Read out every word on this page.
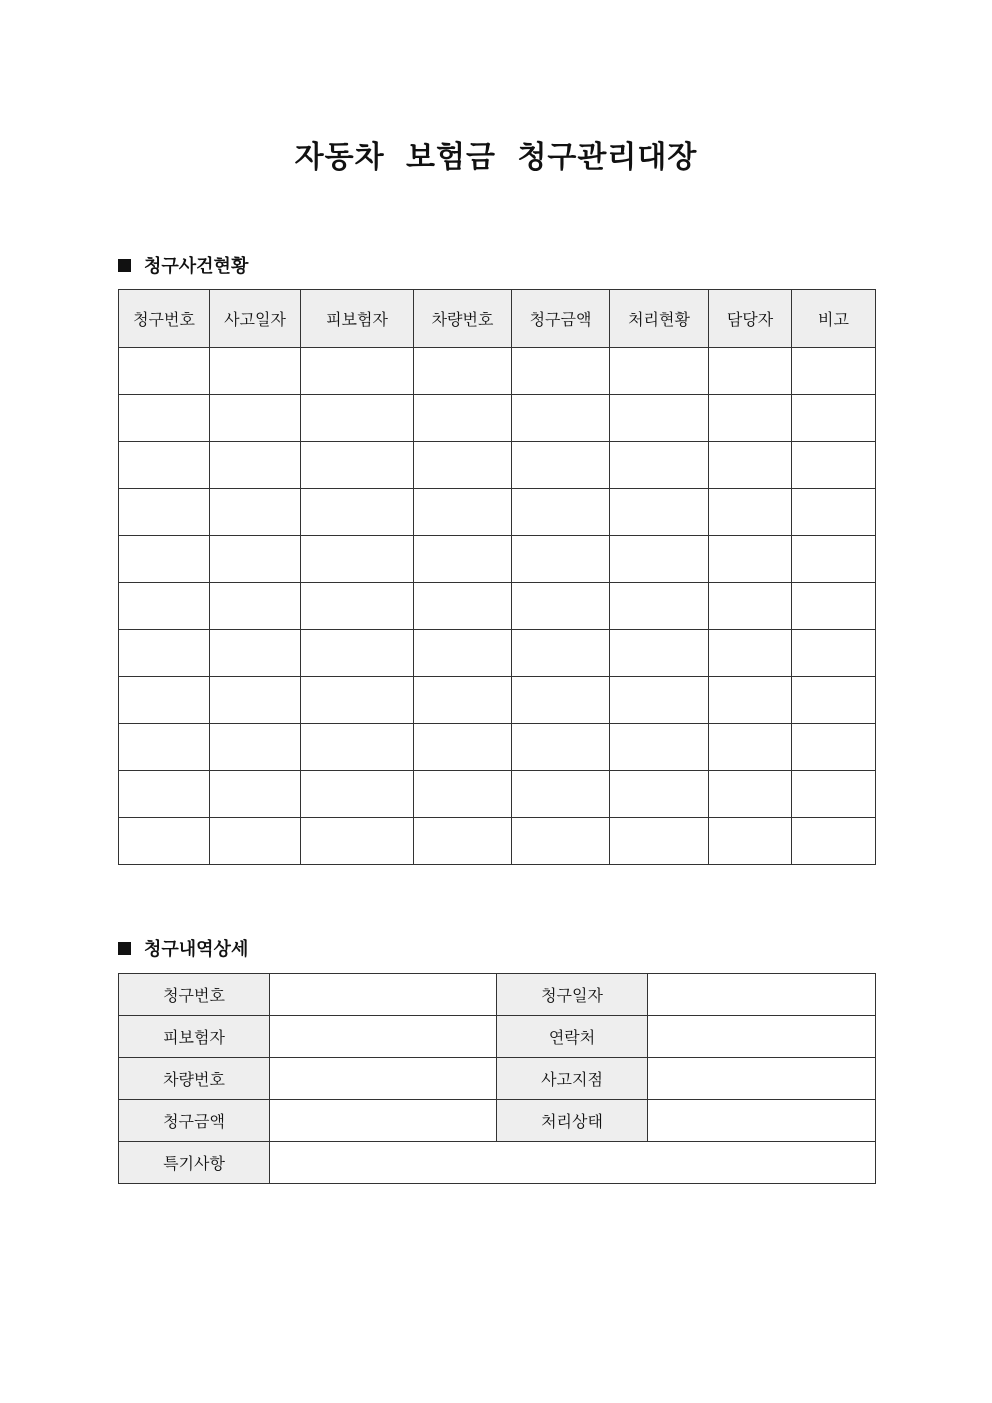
자동차 보험금 청구관리대장
청구사건현황
청구번호	사고일자	피보험자	차량번호	청구금액	처리현황	담당자	비고

청구내역상세
청구번호		청구일자	
피보험자		연락처	
차량번호		사고지점	
청구금액		처리상태	
특기사항			
